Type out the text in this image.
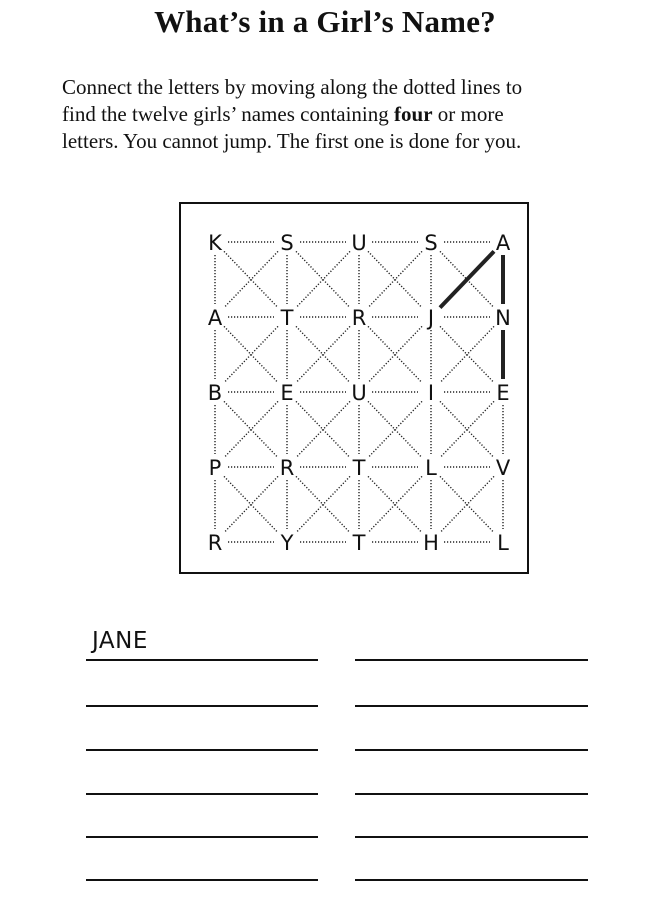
What’s in a Girl’s Name?

Connect the letters by moving along the dotted lines to

find the twelve girls’ names containing four or more

letters. You cannot jump. The first one is done for you.

K	S	U	S	A
A	T	R	J	N
B	E	U	I	E
P	R	T	L	V
R	Y	T	H	L
JANE
